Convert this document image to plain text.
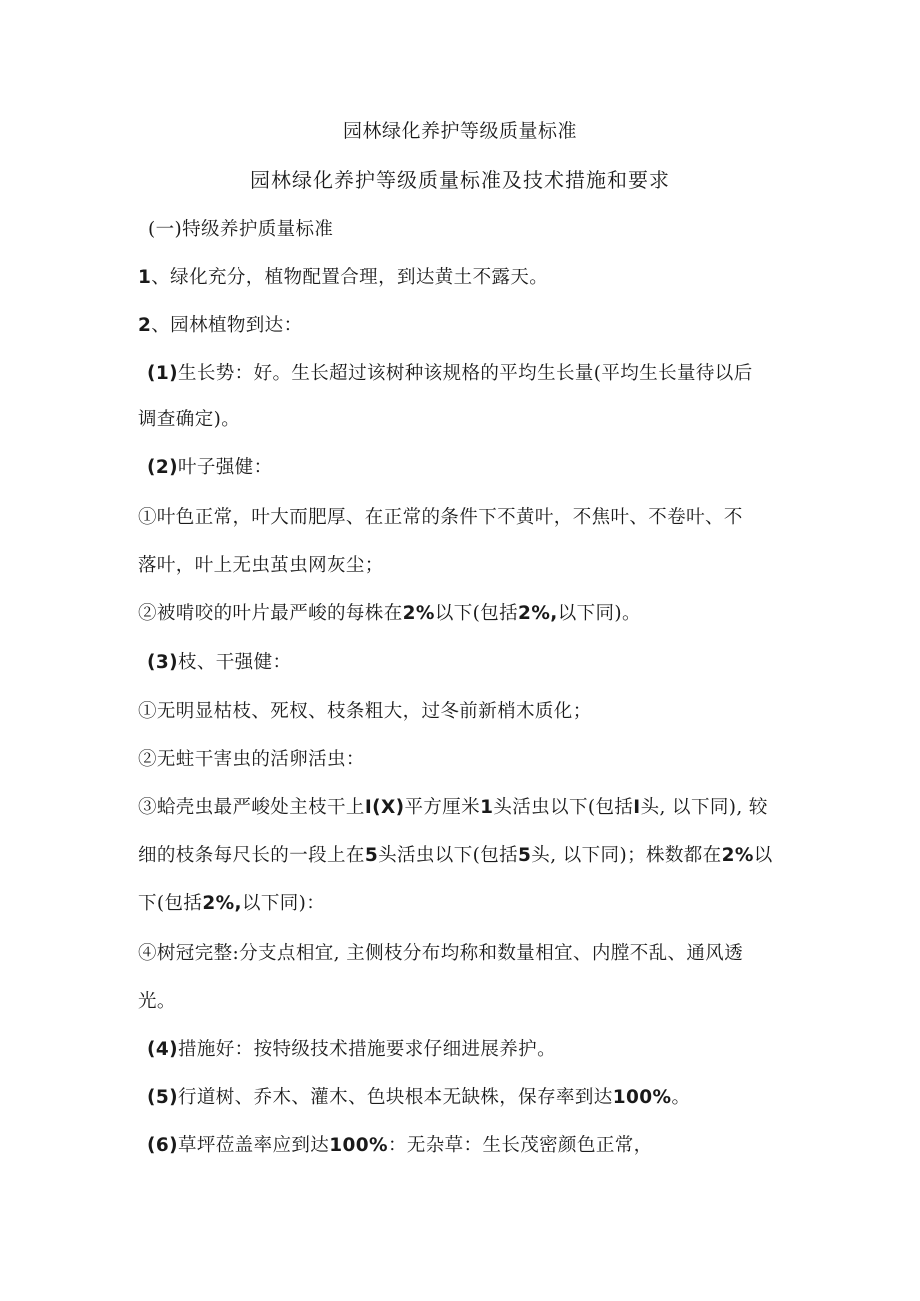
园林绿化养护等级质量标准
园林绿化养护等级质量标准及技术措施和要求
(一)特级养护质量标准
1、绿化充分，植物配置合理，到达黄土不露天。
2、园林植物到达：
(1)生长势：好。生长超过该树种该规格的平均生长量(平均生长量待以后
调查确定)。
(2)叶子强健：
①叶色正常，叶大而肥厚、在正常的条件下不黄叶，不焦叶、不卷叶、不
落叶，叶上无虫茧虫网灰尘；
②被啃咬的叶片最严峻的每株在2%以下(包括2%,以下同)。
(3)枝、干强健：
①无明显枯枝、死杈、枝条粗大，过冬前新梢木质化；
②无蛀干害虫的活卵活虫：
③蛤壳虫最严峻处主枝干上I(X)平方厘米1头活虫以下(包括I头, 以下同), 较
细的枝条每尺长的一段上在5头活虫以下(包括5头, 以下同)；株数都在2%以
下(包括2%,以下同)：
④树冠完整:分支点相宜, 主侧枝分布均称和数量相宜、内膛不乱、通风透
光。
(4)措施好：按特级技术措施要求仔细进展养护。
(5)行道树、乔木、灌木、色块根本无缺株，保存率到达100%。
(6)草坪莅盖率应到达100%：无杂草：生长茂密颜色正常，
